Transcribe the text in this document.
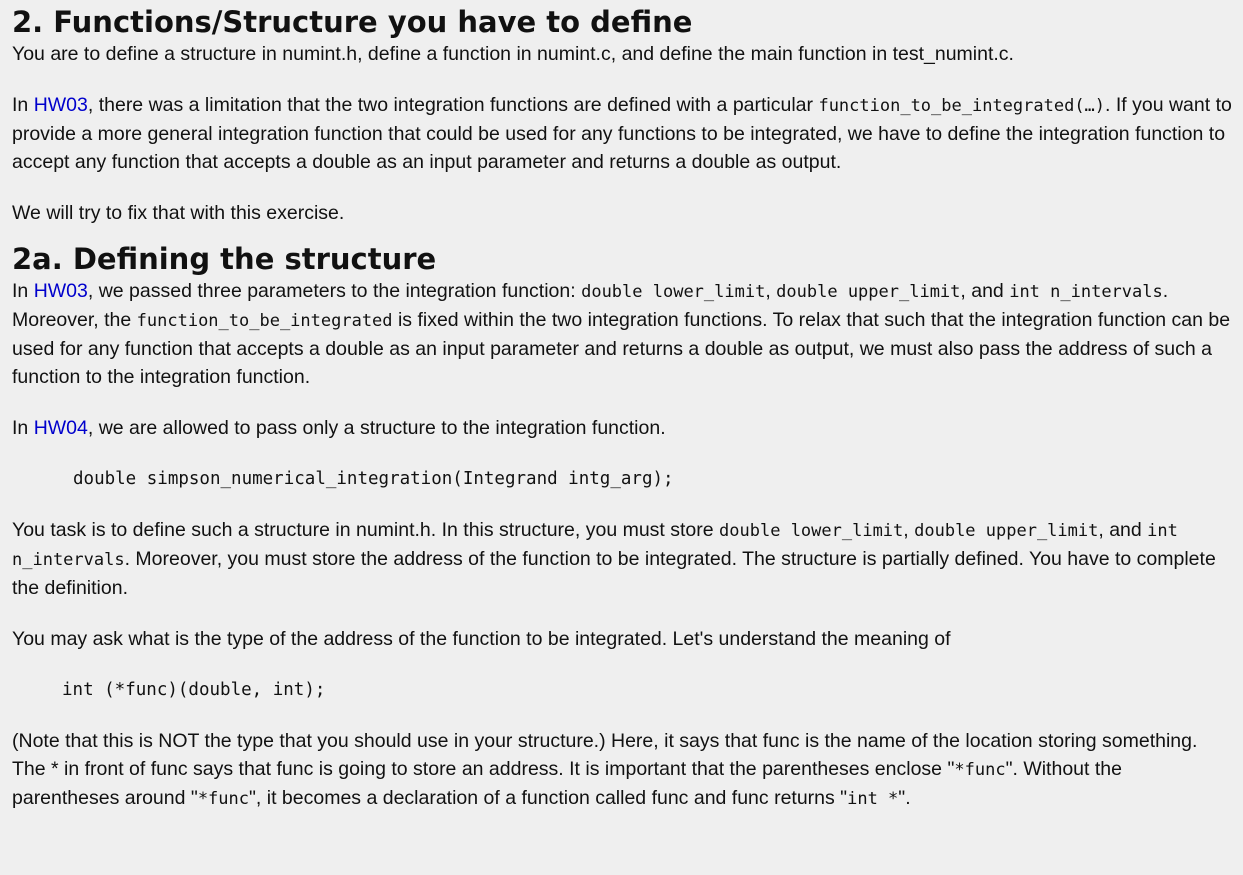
2. Functions/Structure you have to define

You are to define a structure in numint.h, define a function in numint.c, and define the main function in test_numint.c.

In HW03, there was a limitation that the two integration functions are defined with a particular function_to_be_integrated(…). If you want to provide a more general integration function that could be used for any functions to be integrated, we have to define the integration function to accept any function that accepts a double as an input parameter and returns a double as output.

We will try to fix that with this exercise.

2a. Defining the structure

In HW03, we passed three parameters to the integration function: double lower_limit, double upper_limit, and int n_intervals. Moreover, the function_to_be_integrated is fixed within the two integration functions. To relax that such that the integration function can be used for any function that accepts a double as an input parameter and returns a double as output, we must also pass the address of such a function to the integration function.

In HW04, we are allowed to pass only a structure to the integration function.

double simpson_numerical_integration(Integrand intg_arg);

You task is to define such a structure in numint.h. In this structure, you must store double lower_limit, double upper_limit, and int n_intervals. Moreover, you must store the address of the function to be integrated. The structure is partially defined. You have to complete the definition.

You may ask what is the type of the address of the function to be integrated. Let's understand the meaning of

int (*func)(double, int);

(Note that this is NOT the type that you should use in your structure.) Here, it says that func is the name of the location storing something. The * in front of func says that func is going to store an address. It is important that the parentheses enclose "*func". Without the parentheses around "*func", it becomes a declaration of a function called func and func returns "int *".
